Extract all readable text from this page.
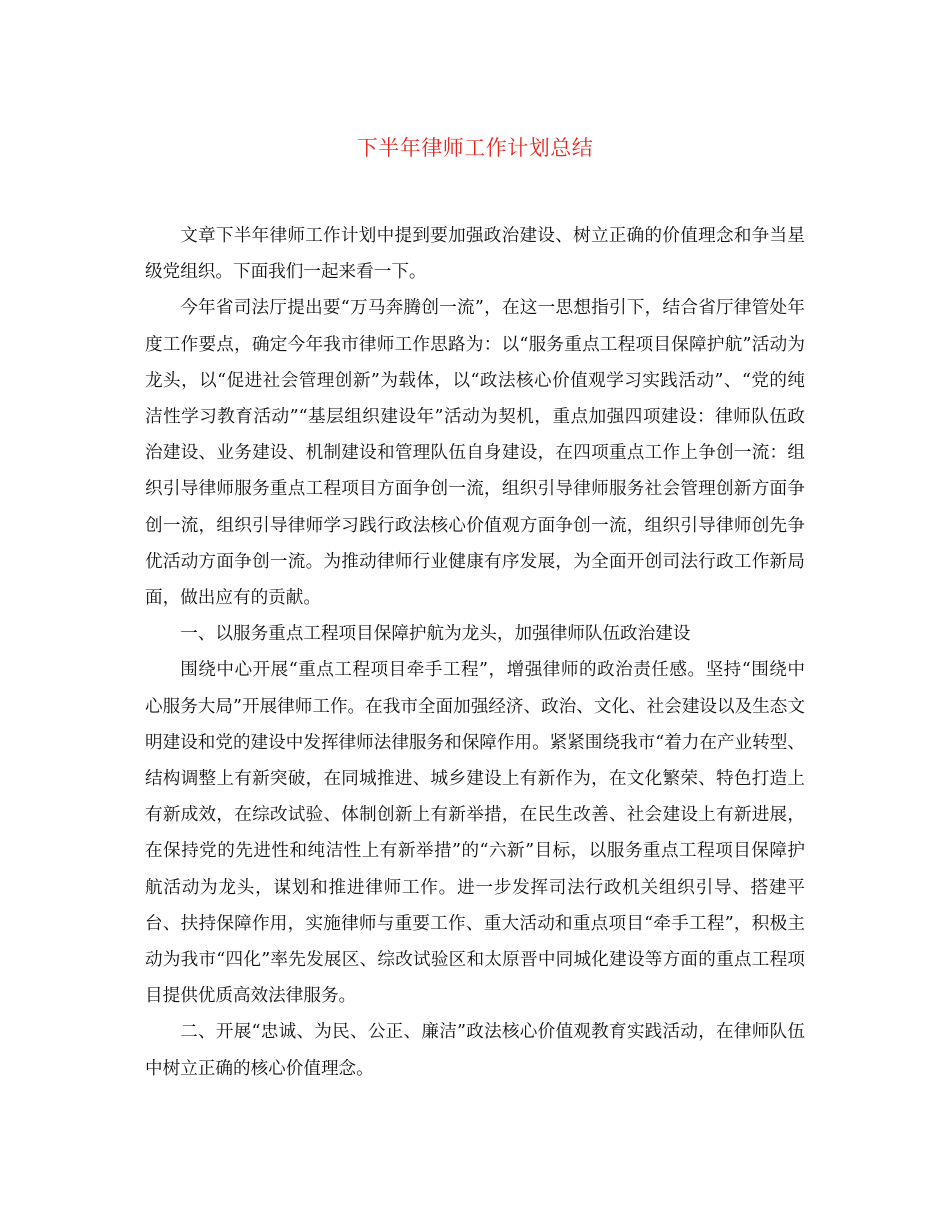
下半年律师工作计划总结

文章下半年律师工作计划中提到要加强政治建设、树立正确的价值理念和争当星级党组织。下面我们一起来看一下。

今年省司法厅提出要“万马奔腾创一流”，在这一思想指引下，结合省厅律管处年度工作要点，确定今年我市律师工作思路为：以“服务重点工程项目保障护航”活动为龙头，以“促进社会管理创新”为载体，以“政法核心价值观学习实践活动”、“党的纯洁性学习教育活动”“基层组织建设年”活动为契机，重点加强四项建设：律师队伍政治建设、业务建设、机制建设和管理队伍自身建设，在四项重点工作上争创一流：组织引导律师服务重点工程项目方面争创一流，组织引导律师服务社会管理创新方面争创一流，组织引导律师学习践行政法核心价值观方面争创一流，组织引导律师创先争优活动方面争创一流。为推动律师行业健康有序发展，为全面开创司法行政工作新局面，做出应有的贡献。

一、以服务重点工程项目保障护航为龙头，加强律师队伍政治建设

围绕中心开展“重点工程项目牵手工程”，增强律师的政治责任感。坚持“围绕中心服务大局”开展律师工作。在我市全面加强经济、政治、文化、社会建设以及生态文明建设和党的建设中发挥律师法律服务和保障作用。紧紧围绕我市“着力在产业转型、结构调整上有新突破，在同城推进、城乡建设上有新作为，在文化繁荣、特色打造上有新成效，在综改试验、体制创新上有新举措，在民生改善、社会建设上有新进展，在保持党的先进性和纯洁性上有新举措”的“六新”目标，以服务重点工程项目保障护航活动为龙头，谋划和推进律师工作。进一步发挥司法行政机关组织引导、搭建平台、扶持保障作用，实施律师与重要工作、重大活动和重点项目“牵手工程”，积极主动为我市“四化”率先发展区、综改试验区和太原晋中同城化建设等方面的重点工程项目提供优质高效法律服务。

二、开展“忠诚、为民、公正、廉洁”政法核心价值观教育实践活动，在律师队伍中树立正确的核心价值理念。
